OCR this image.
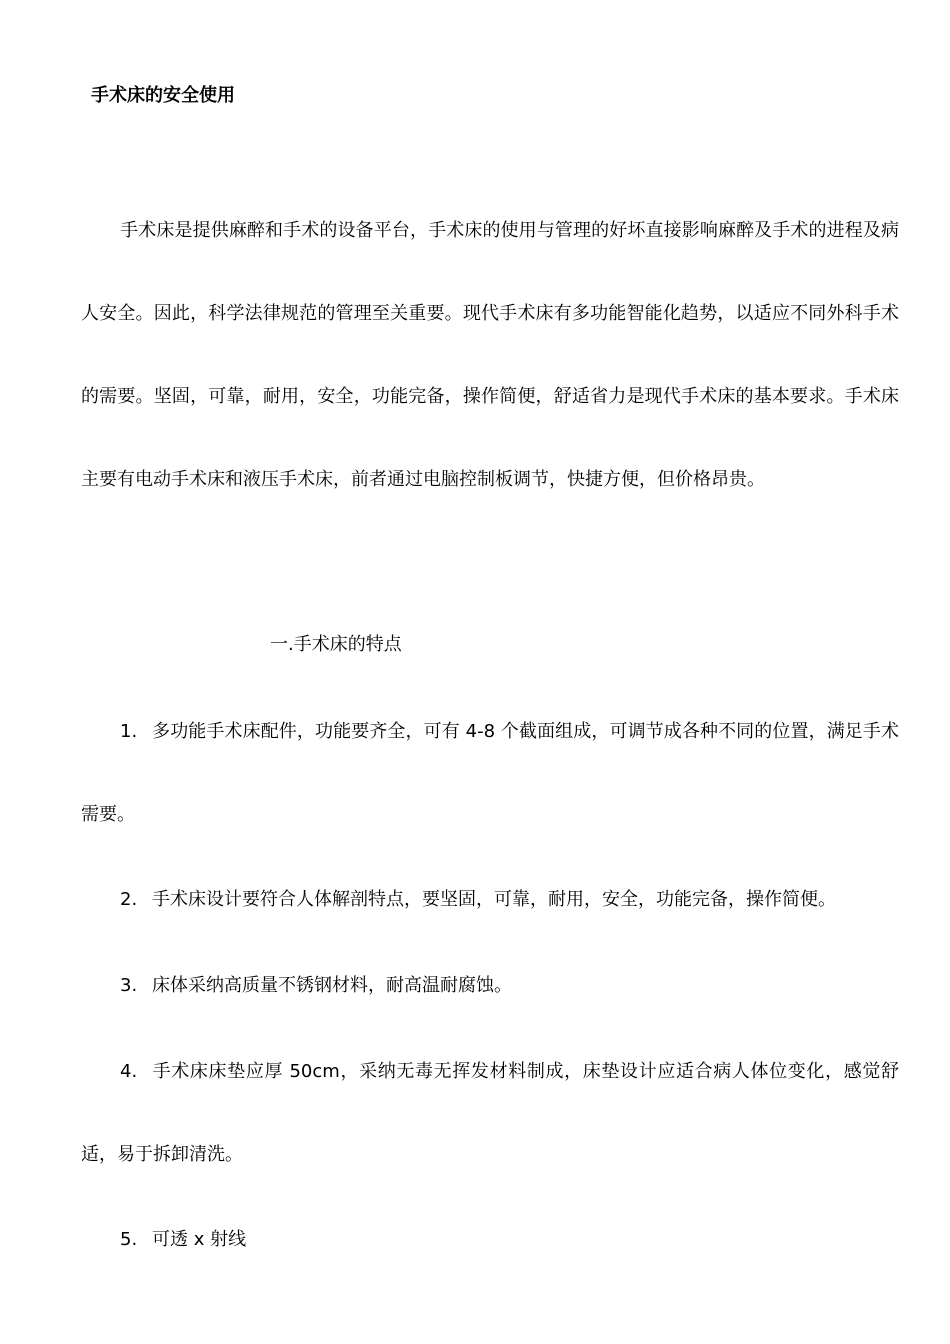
手术床的安全使用

手术床是提供麻醉和手术的设备平台，手术床的使用与管理的好坏直接影响麻醉及手术的进程及病人安全。因此，科学法律规范的管理至关重要。现代手术床有多功能智能化趋势，以适应不同外科手术的需要。坚固，可靠，耐用，安全，功能完备，操作简便，舒适省力是现代手术床的基本要求。手术床主要有电动手术床和液压手术床，前者通过电脑控制板调节，快捷方便，但价格昂贵。

一.手术床的特点

1. 多功能手术床配件，功能要齐全，可有 4-8 个截面组成，可调节成各种不同的位置，满足手术需要。

2. 手术床设计要符合人体解剖特点，要坚固，可靠，耐用，安全，功能完备，操作简便。

3. 床体采纳高质量不锈钢材料，耐高温耐腐蚀。

4. 手术床床垫应厚 50cm，采纳无毒无挥发材料制成，床垫设计应适合病人体位变化，感觉舒适，易于拆卸清洗。

5. 可透 x 射线
